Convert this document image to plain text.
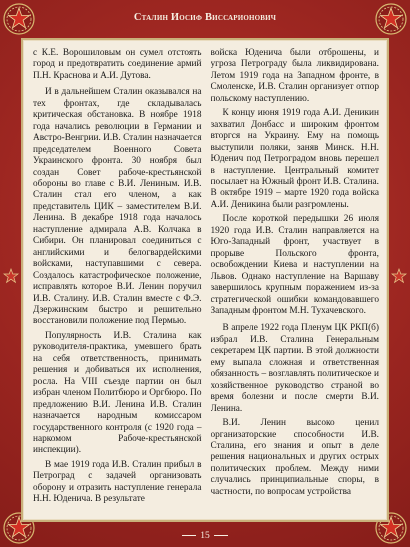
Сталин Иосиф Виссарионович

с К.Е. Ворошиловым он сумел отстоять город и предотвратить соединение армий П.Н. Краснова и А.И. Дутова.

И в дальнейшем Сталин оказывался на тех фронтах, где складывалась критическая обстановка. В ноябре 1918 года начались революции в Германии и Австро-Венгрии. И.В. Сталин назначается председателем Военного Совета Украинского фронта. 30 ноября был создан Совет рабоче-крестьянской обороны во главе с В.И. Лениным. И.В. Сталин стал его членом, а как представитель ЦИК – заместителем В.И. Ленина. В декабре 1918 года началось наступление адмирала А.В. Колчака в Сибири. Он планировал соединиться с английскими и белогвардейскими войсками, наступавшими с севера. Создалось катастрофическое положение, исправлять которое В.И. Ленин поручил И.В. Сталину. И.В. Сталин вместе с Ф.Э. Дзержинским быстро и решительно восстановили положение под Пермью.

Популярность И.В. Сталина как руководителя-практика, умевшего брать на себя ответственность, принимать решения и добиваться их исполнения, росла. На VIII съезде партии он был избран членом Политбюро и Оргбюро. По предложению В.И. Ленина И.В. Сталин назначается народным комиссаром государственного контроля (с 1920 года – наркомом Рабоче-крестьянской инспекции).

В мае 1919 года И.В. Сталин прибыл в Петроград с задачей организовать оборону и отразить наступление генерала Н.Н. Юденича. В результате

войска Юденича были отброшены, и угроза Петрограду была ликвидирована. Летом 1919 года на Западном фронте, в Смоленске, И.В. Сталин организует отпор польскому наступлению.

К концу июня 1919 года А.И. Деникин захватил Донбасс и широким фронтом вторгся на Украину. Ему на помощь выступили поляки, заняв Минск. Н.Н. Юденич под Петроградом вновь перешел в наступление. Центральный комитет посылает на Южный фронт И.В. Сталина. В октябре 1919 – марте 1920 года войска А.И. Деникина были разгромлены.

После короткой передышки 26 июля 1920 года И.В. Сталин направляется на Юго-Западный фронт, участвует в прорыве Польского фронта, освобождении Киева и наступлении на Львов. Однако наступление на Варшаву завершилось крупным поражением из-за стратегической ошибки командовавшего Западным фронтом М.Н. Тухачевского.

В апреле 1922 года Пленум ЦК РКП(б) избрал И.В. Сталина Генеральным секретарем ЦК партии. В этой должности ему выпала сложная и ответственная обязанность – возглавлять политическое и хозяйственное руководство страной во время болезни и после смерти В.И. Ленина.

В.И. Ленин высоко ценил организаторские способности И.В. Сталина, его знания и опыт в деле решения национальных и других острых политических проблем. Между ними случались принципиальные споры, в частности, по вопросам устройства

15
